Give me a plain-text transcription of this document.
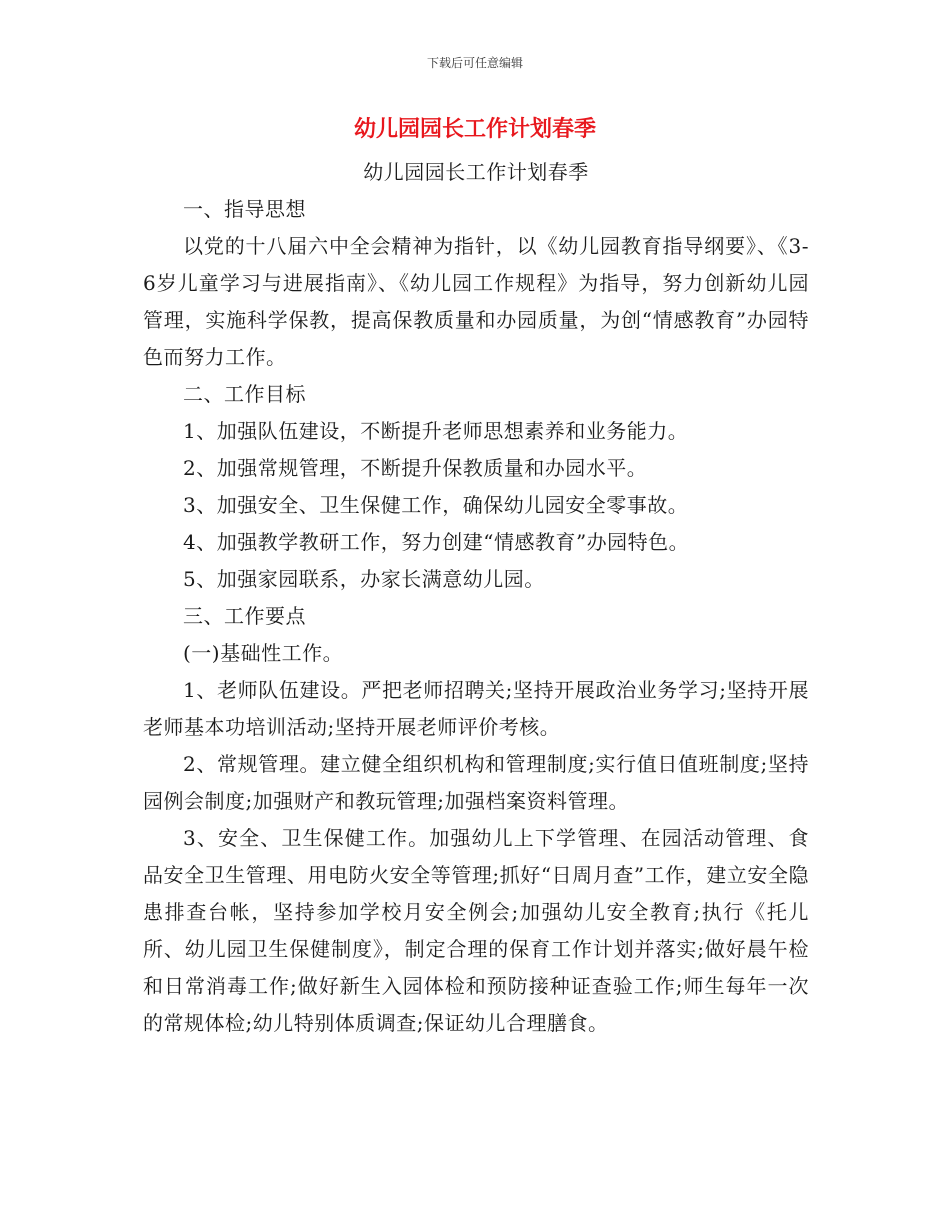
下载后可任意编辑
幼儿园园长工作计划春季

幼儿园园长工作计划春季

一、指导思想

以党的十八届六中全会精神为指针，以《幼儿园教育指导纲要》、《3-6岁儿童学习与进展指南》、《幼儿园工作规程》为指导，努力创新幼儿园管理，实施科学保教，提高保教质量和办园质量，为创“情感教育”办园特色而努力工作。

二、工作目标

1、加强队伍建设，不断提升老师思想素养和业务能力。

2、加强常规管理，不断提升保教质量和办园水平。

3、加强安全、卫生保健工作，确保幼儿园安全零事故。

4、加强教学教研工作，努力创建“情感教育”办园特色。

5、加强家园联系，办家长满意幼儿园。

三、工作要点

(一)基础性工作。

1、老师队伍建设。严把老师招聘关;坚持开展政治业务学习;坚持开展老师基本功培训活动;坚持开展老师评价考核。

2、常规管理。建立健全组织机构和管理制度;实行值日值班制度;坚持园例会制度;加强财产和教玩管理;加强档案资料管理。

3、安全、卫生保健工作。加强幼儿上下学管理、在园活动管理、食品安全卫生管理、用电防火安全等管理;抓好“日周月查”工作，建立安全隐患排查台帐，坚持参加学校月安全例会;加强幼儿安全教育;执行《托儿所、幼儿园卫生保健制度》，制定合理的保育工作计划并落实;做好晨午检和日常消毒工作;做好新生入园体检和预防接种证查验工作;师生每年一次的常规体检;幼儿特别体质调查;保证幼儿合理膳食。
